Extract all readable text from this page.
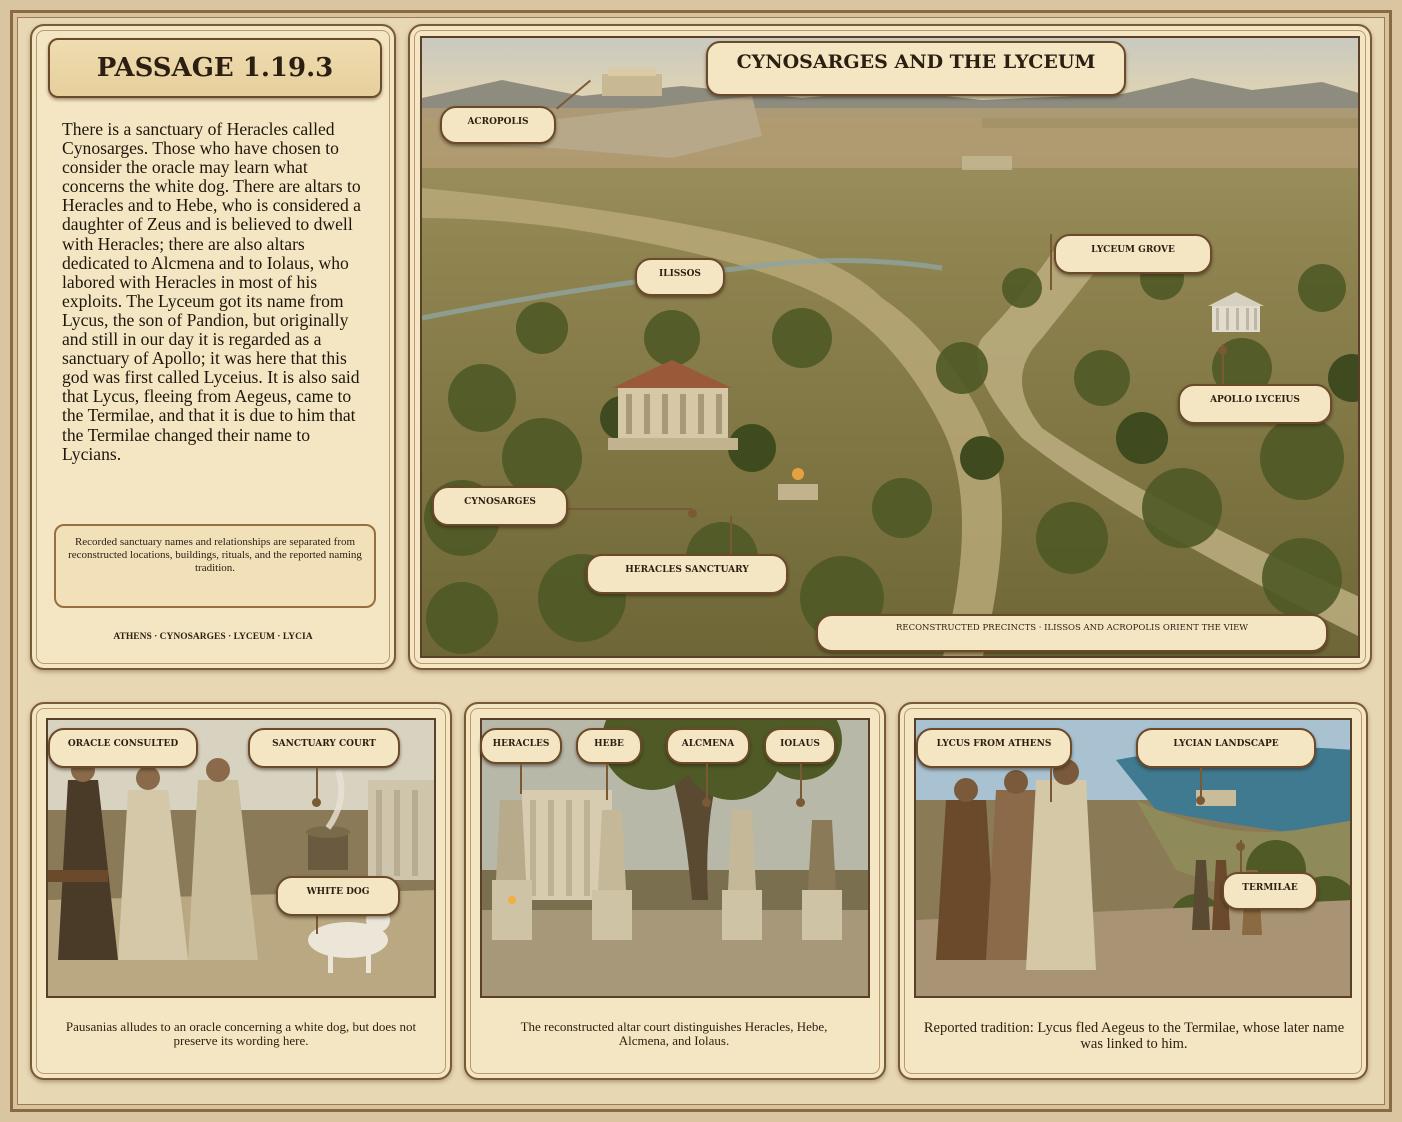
PASSAGE 1.19.3

There is a sanctuary of Heracles called Cynosarges. Those who have chosen to consider the oracle may learn what concerns the white dog. There are altars to Heracles and to Hebe, who is considered a daughter of Zeus and is believed to dwell with Heracles; there are also altars dedicated to Alcmena and to Iolaus, who labored with Heracles in most of his exploits. The Lyceum got its name from Lycus, the son of Pandion, but originally and still in our day it is regarded as a sanctuary of Apollo; it was here that this god was first called Lyceius. It is also said that Lycus, fleeing from Aegeus, came to the Termilae, and that it is due to him that the Termilae changed their name to Lycians.

Recorded sanctuary names and relationships are separated from reconstructed locations, buildings, rituals, and the reported naming tradition.

ATHENS · CYNOSARGES · LYCEUM · LYCIA

CYNOSARGES AND THE LYCEUM
ACROPOLIS
ILISSOS
LYCEUM GROVE
APOLLO LYCEIUS
CYNOSARGES
HERACLES SANCTUARY
RECONSTRUCTED PRECINCTS · ILISSOS AND ACROPOLIS ORIENT THE VIEW
ORACLE CONSULTED	SANCTUARY COURT
WHITE DOG

Pausanias alludes to an oracle concerning a white dog, but does not preserve its wording here.

HERACLES	HEBE	ALCMENA	IOLAUS

The reconstructed altar court distinguishes Heracles, Hebe, Alcmena, and Iolaus.

LYCUS FROM ATHENS	LYCIAN LANDSCAPE
TERMILAE

Reported tradition: Lycus fled Aegeus to the Termilae, whose later name was linked to him.
